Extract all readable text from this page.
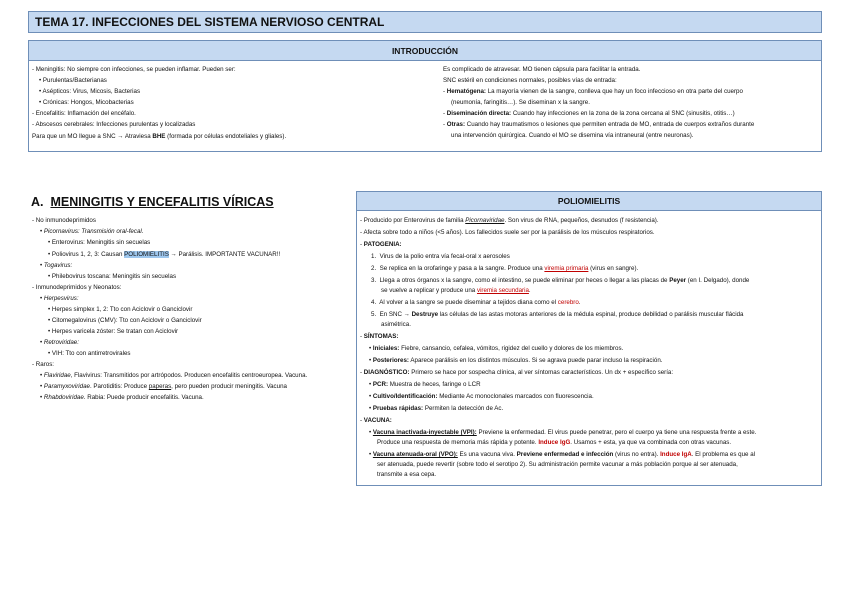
TEMA 17. INFECCIONES DEL SISTEMA NERVIOSO CENTRAL
INTRODUCCIÓN
- Meningitis: No siempre con infecciones, se pueden inflamar. Pueden ser:
• Purulentas/Bacterianas
• Asépticos: Virus, Micosis, Bacterias
• Crónicas: Hongos, Micobacterias
- Encefalitis: Inflamación del encéfalo.
- Abscesos cerebrales: Infecciones purulentas y localizadas
Para que un MO llegue a SNC → Atraviesa BHE (formada por células endoteliales y gliales).
Es complicado de atravesar. MO tienen cápsula para facilitar la entrada.
SNC estéril en condiciones normales, posibles vías de entrada:
- Hematógena: La mayoría vienen de la sangre, conlleva que hay un foco infeccioso en otra parte del cuerpo
(neumonía, faringitis…). Se diseminan x la sangre.
- Diseminación directa: Cuando hay infecciones en la zona de la zona cercana al SNC (sinusitis, otitis…)
- Otras: Cuando hay traumatismos o lesiones que permiten entrada de MO, entrada de cuerpos extraños durante
una intervención quirúrgica. Cuando el MO se disemina vía intraneural (entre neuronas).
A. MENINGITIS Y ENCEFALITIS VÍRICAS
- No inmunodeprimidos
• Picornavirus: Transmisión oral-fecal.
• Enterovirus: Meningitis sin secuelas
• Poliovirus 1, 2, 3: Causan POLIOMIELITIS → Parálisis. IMPORTANTE VACUNAR!!
• Togavirus:
• Philebovirus toscana: Meningitis sin secuelas
- Inmunodeprimidos y Neonatos:
• Herpesvirus:
• Herpes simplex 1, 2: Tto con Aciclovir o Ganciclovir
• Citomegalovirus (CMV): Tto con Aciclovir o Ganciclovir
• Herpes varicela zóster: Se tratan con Aciclovir
• Retroviridae:
• VIH: Tto con antirretrovirales
- Raros:
• Flaviridae, Flavivirus: Transmitidos por artrópodos. Producen encefalitis centroeuropea. Vacuna.
• Paramyxoviridae. Parotiditis: Produce paperas, pero pueden producir meningitis. Vacuna
• Rhabdoviridae. Rabia: Puede producir encefalitis. Vacuna.
POLIOMIELITIS
- Producido por Enterovirus de familia Picornaviridae. Son virus de RNA, pequeños, desnudos (f resistencia).
- Afecta sobre todo a niños (<5 años). Los fallecidos suele ser por la parálisis de los músculos respiratorios.
- PATOGENIA:
1.  Virus de la polio entra vía fecal-oral x aerosoles
2.  Se replica en la orofaringe y pasa a la sangre. Produce una viremia primaria (virus en sangre).
3.  Llega a otros órganos x la sangre, como el intestino, se puede eliminar por heces o llegar a las placas de Peyer (en I. Delgado), donde
se vuelve a replicar y produce una viremia secundaria.
4.  Al volver a la sangre se puede diseminar a tejidos diana como el cerebro.
5.  En SNC → Destruye las células de las astas motoras anteriores de la médula espinal, produce debilidad o parálisis muscular flácida
asimétrica.
- SÍNTOMAS:
• Iniciales: Fiebre, cansancio, cefalea, vómitos, rigidez del cuello y dolores de los miembros.
• Posteriores: Aparece parálisis en los distintos músculos. Si se agrava puede parar incluso la respiración.
- DIAGNÓSTICO: Primero se hace por sospecha clínica, al ver síntomas característicos. Un dx + específico sería:
• PCR: Muestra de heces, faringe o LCR
• Cultivo/Identificación: Mediante Ac monoclonales marcados con fluorescencia.
• Pruebas rápidas: Permiten la detección de Ac.
- VACUNA:
• Vacuna inactivada-inyectable (VPI): Previene la enfermedad. El virus puede penetrar, pero el cuerpo ya tiene una respuesta frente a este.
Produce una respuesta de memoria más rápida y potente. Induce IgG. Usamos + esta, ya que va combinada con otras vacunas.
• Vacuna atenuada-oral (VPO): Es una vacuna viva. Previene enfermedad e infección (virus no entra). Induce IgA. El problema es que al
ser atenuada, puede revertir (sobre todo el serotipo 2). Su administración permite vacunar a más población porque al ser atenuada,
transmite a esa cepa.
